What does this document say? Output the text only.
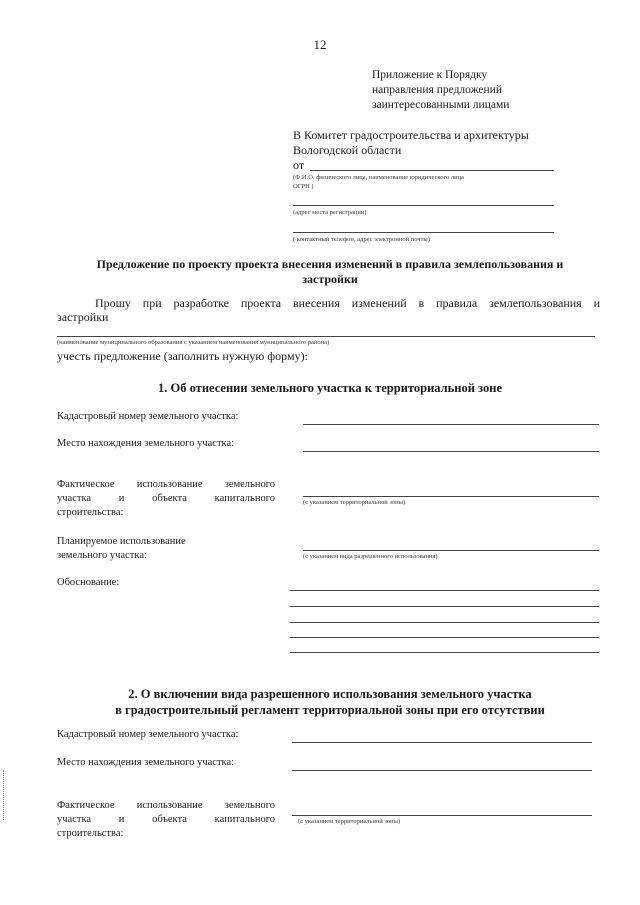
12
Приложение к Порядку
направления предложений
заинтересованными лицами
В Комитет градостроительства и архитектуры
Вологодской области
от
(Ф.И.О. физического лица, наименование юридического лица
ОГРН )
(адрес места регистрации)
( контактный телефон, адрес электронной почты)
Предложение по проекту проекта внесения изменений в правила землепользования и
застройки
Прошу при разработке проекта внесения изменений в правила землепользования и
застройки
(наименование муниципального образования с указанием наименования муниципального района)
учесть предложение (заполнить нужную форму):
1. Об отнесении земельного участка к территориальной зоне
Кадастровый номер земельного участка:
Место нахождения земельного участка:
Фактическое использование земельного
участка и объекта капитального
строительства:
(с указанием территориальной зоны)
Планируемое использование
земельного участка:	(с указанием вида разрешенного использования)
Обоснование:
2. О включении вида разрешенного использования земельного участка
в градостроительный регламент территориальной зоны при его отсутствии
Кадастровый номер земельного участка:
Место нахождения земельного участка:
Фактическое использование земельного
участка и объекта капитального
строительства:
(с указанием территориальной зоны)
